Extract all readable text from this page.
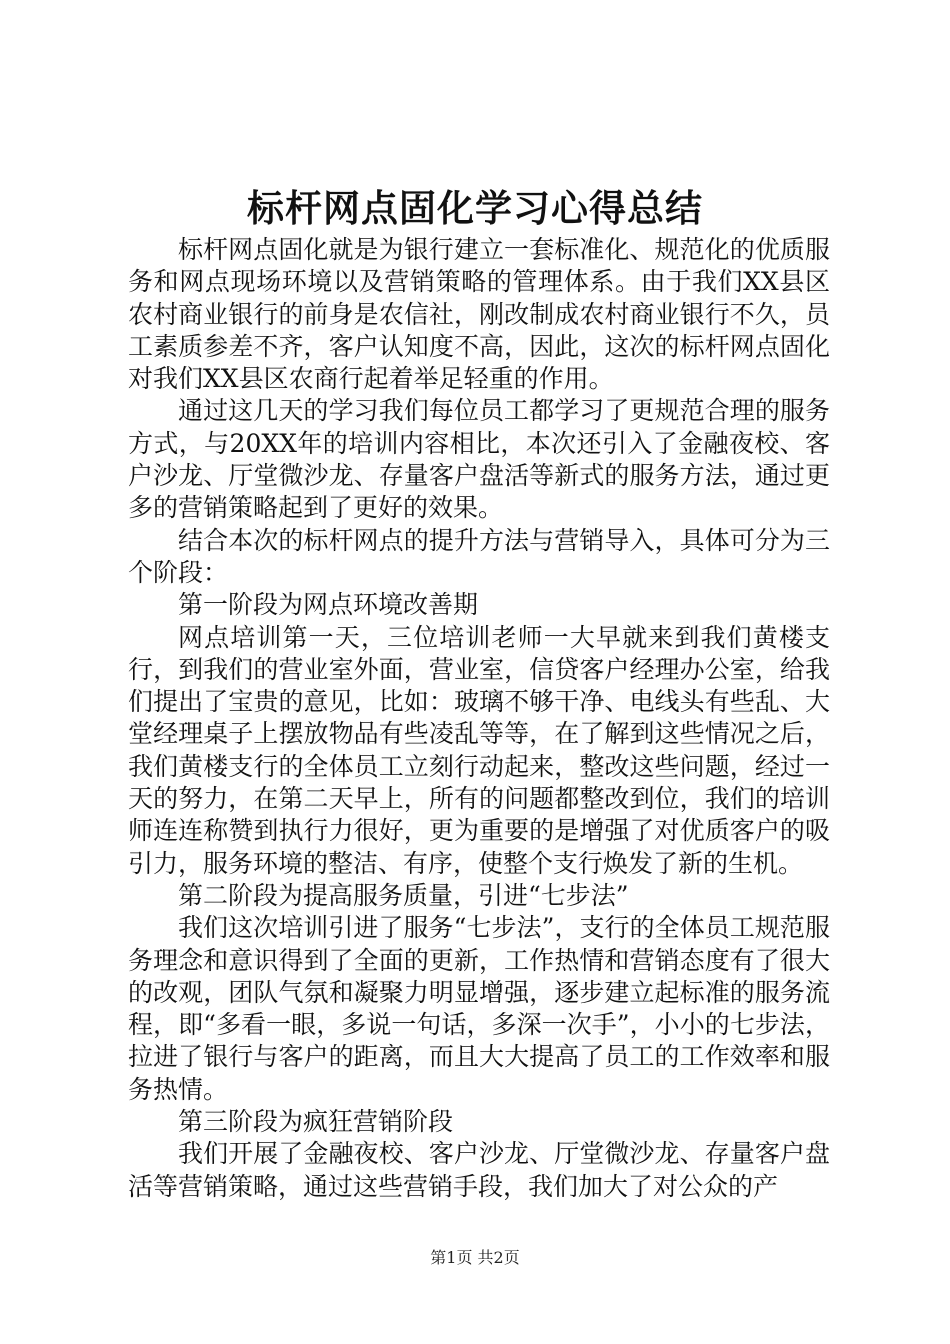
标杆网点固化学习心得总结

标杆网点固化就是为银行建立一套标准化、规范化的优质服务和网点现场环境以及营销策略的管理体系。由于我们XX县区农村商业银行的前身是农信社，刚改制成农村商业银行不久，员工素质参差不齐，客户认知度不高，因此，这次的标杆网点固化对我们XX县区农商行起着举足轻重的作用。

通过这几天的学习我们每位员工都学习了更规范合理的服务方式，与20XX年的培训内容相比，本次还引入了金融夜校、客户沙龙、厅堂微沙龙、存量客户盘活等新式的服务方法，通过更多的营销策略起到了更好的效果。

结合本次的标杆网点的提升方法与营销导入，具体可分为三个阶段：

第一阶段为网点环境改善期

网点培训第一天，三位培训老师一大早就来到我们黄楼支行，到我们的营业室外面，营业室，信贷客户经理办公室，给我们提出了宝贵的意见，比如：玻璃不够干净、电线头有些乱、大堂经理桌子上摆放物品有些凌乱等等，在了解到这些情况之后，我们黄楼支行的全体员工立刻行动起来，整改这些问题，经过一天的努力，在第二天早上，所有的问题都整改到位，我们的培训师连连称赞到执行力很好，更为重要的是增强了对优质客户的吸引力，服务环境的整洁、有序，使整个支行焕发了新的生机。

第二阶段为提高服务质量，引进“七步法”

我们这次培训引进了服务“七步法”，支行的全体员工规范服务理念和意识得到了全面的更新，工作热情和营销态度有了很大的改观，团队气氛和凝聚力明显增强，逐步建立起标准的服务流程，即“多看一眼，多说一句话，多深一次手”，小小的七步法，拉进了银行与客户的距离，而且大大提高了员工的工作效率和服务热情。

第三阶段为疯狂营销阶段

我们开展了金融夜校、客户沙龙、厅堂微沙龙、存量客户盘活等营销策略，通过这些营销手段，我们加大了对公众的产

第1页 共2页
